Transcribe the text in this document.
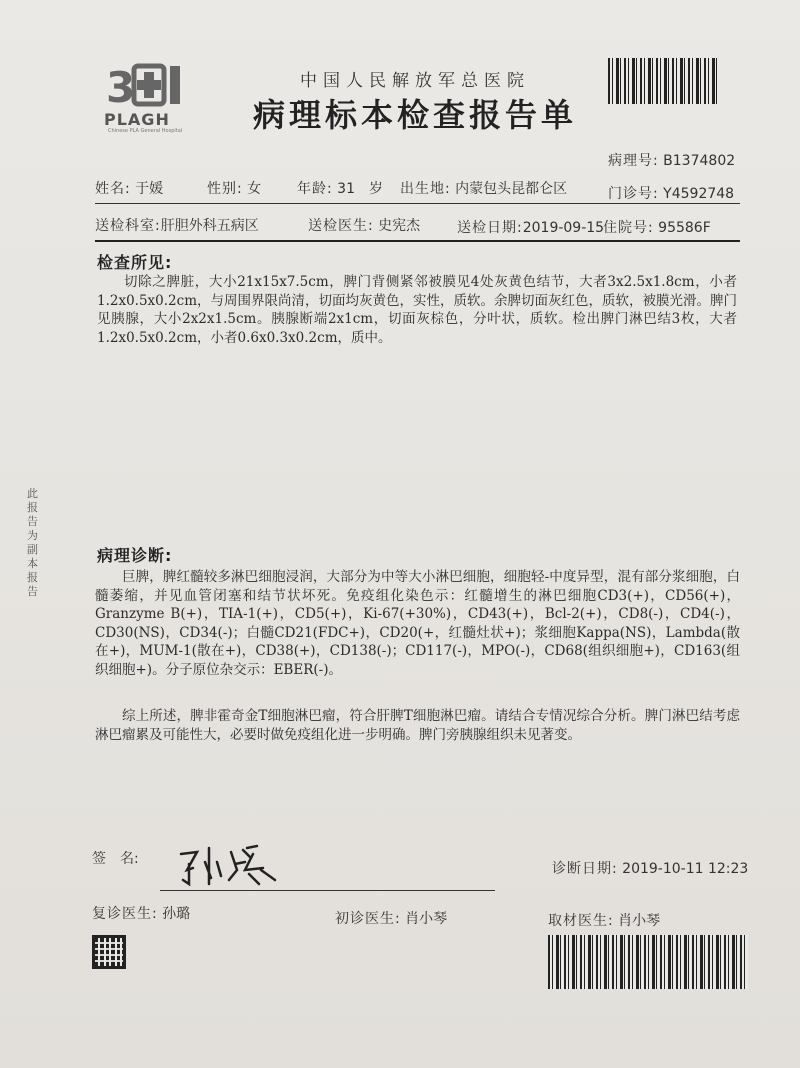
3
PLAGH
Chinese PLA General Hospital
中国人民解放军总医院
病理标本检查报告单
病理号: B1374802
姓名: 于媛	性别: 女	年龄: 31　 岁 出生地: 内蒙包头昆都仑区	门诊号: Y4592748
送检科室:肝胆外科五病区	送检医生: 史宪杰	送检日期:2019-09-15
住院号: 95586F
检查所见:
切除之脾脏，大小21x15x7.5cm，脾门背侧紧邻被膜见4处灰黄色结节，大者3x2.5x1.8cm，小者1.2x0.5x0.2cm，与周围界限尚清，切面均灰黄色，实性，质软。余脾切面灰红色，质软，被膜光滑。脾门见胰腺，大小2x2x1.5cm。胰腺断端2x1cm，切面灰棕色，分叶状，质软。检出脾门淋巴结3枚，大者1.2x0.5x0.2cm，小者0.6x0.3x0.2cm，质中。
此报告为副本报告
病理诊断:
巨脾，脾红髓较多淋巴细胞浸润，大部分为中等大小淋巴细胞，细胞轻-中度异型，混有部分浆细胞，白髓萎缩，并见血管闭塞和结节状坏死。免疫组化染色示：红髓增生的淋巴细胞CD3(+)，CD56(+)，Granzyme B(+)，TIA-1(+)，CD5(+)，Ki-67(+30%)，CD43(+)，Bcl-2(+)，CD8(-)，CD4(-)，CD30(NS)，CD34(-)；白髓CD21(FDC+)，CD20(+，红髓灶状+)；浆细胞Kappa(NS)，Lambda(散在+)，MUM-1(散在+)，CD38(+)，CD138(-)；CD117(-)，MPO(-)，CD68(组织细胞+)，CD163(组织细胞+)。分子原位杂交示：EBER(-)。
综上所述，脾非霍奇金T细胞淋巴瘤，符合肝脾T细胞淋巴瘤。请结合专情况综合分析。脾门淋巴结考虑淋巴瘤累及可能性大，必要时做免疫组化进一步明确。脾门旁胰腺组织未见著变。
签　名:
诊断日期: 2019-10-11 12:23
复诊医生: 孙璐	初诊医生: 肖小琴	取材医生: 肖小琴
